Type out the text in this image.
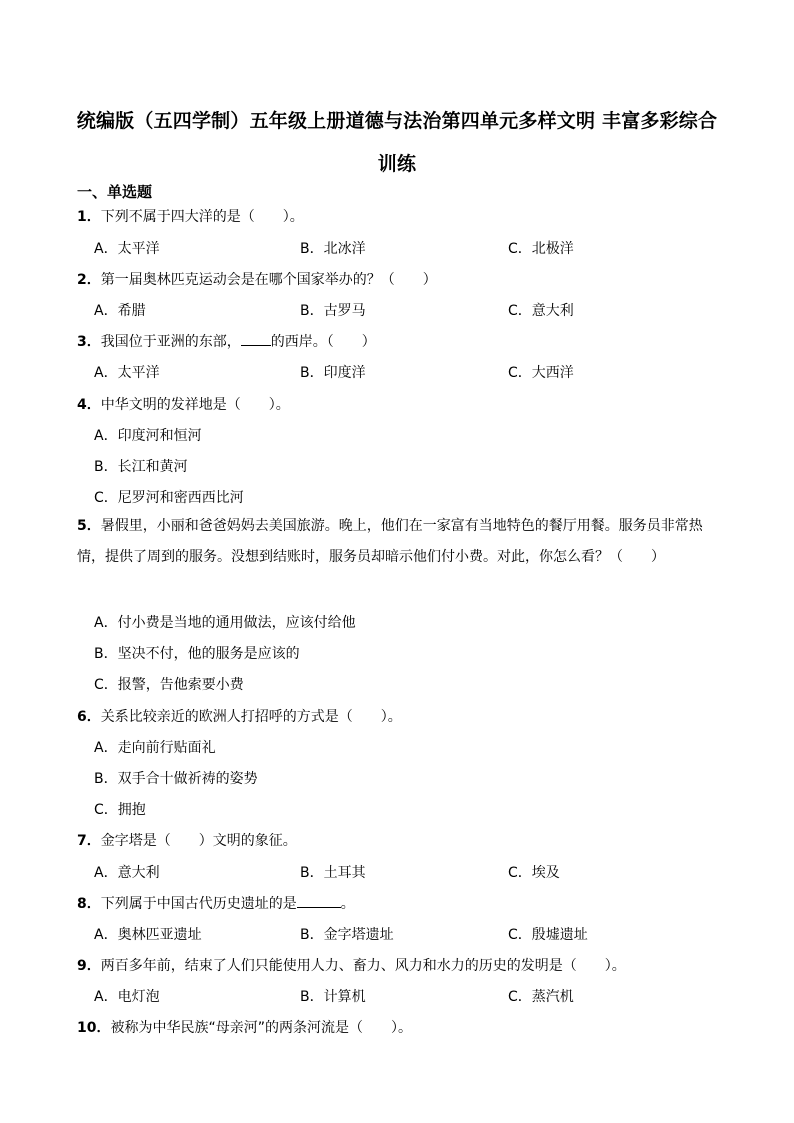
统编版（五四学制）五年级上册道德与法治第四单元多样文明 丰富多彩综合
训练
一、单选题
1．下列不属于四大洋的是（　　）。
A．太平洋	B．北冰洋	C．北极洋
2．第一届奥林匹克运动会是在哪个国家举办的？（　　）
A．希腊	B．古罗马	C．意大利
3．我国位于亚洲的东部， 的西岸。（　　）
A．太平洋	B．印度洋	C．大西洋
4．中华文明的发祥地是（　　）。
A．印度河和恒河
B．长江和黄河
C．尼罗河和密西西比河
5．暑假里，小丽和爸爸妈妈去美国旅游。晚上，他们在一家富有当地特色的餐厅用餐。服务员非常热情，提供了周到的服务。没想到结账时，服务员却暗示他们付小费。对此，你怎么看？（　　）
A．付小费是当地的通用做法，应该付给他
B．坚决不付，他的服务是应该的
C．报警，告他索要小费
6．关系比较亲近的欧洲人打招呼的方式是（　　）。
A．走向前行贴面礼
B．双手合十做祈祷的姿势
C．拥抱
7．金字塔是（　　）文明的象征。
A．意大利	B．土耳其	C．埃及
8．下列属于中国古代历史遗址的是	。
A．奥林匹亚遗址	B．金字塔遗址	C．殷墟遗址
9．两百多年前，结束了人们只能使用人力、畜力、风力和水力的历史的发明是（　　）。
A．电灯泡	B．计算机	C．蒸汽机
10．被称为中华民族“母亲河”的两条河流是（　　）。
